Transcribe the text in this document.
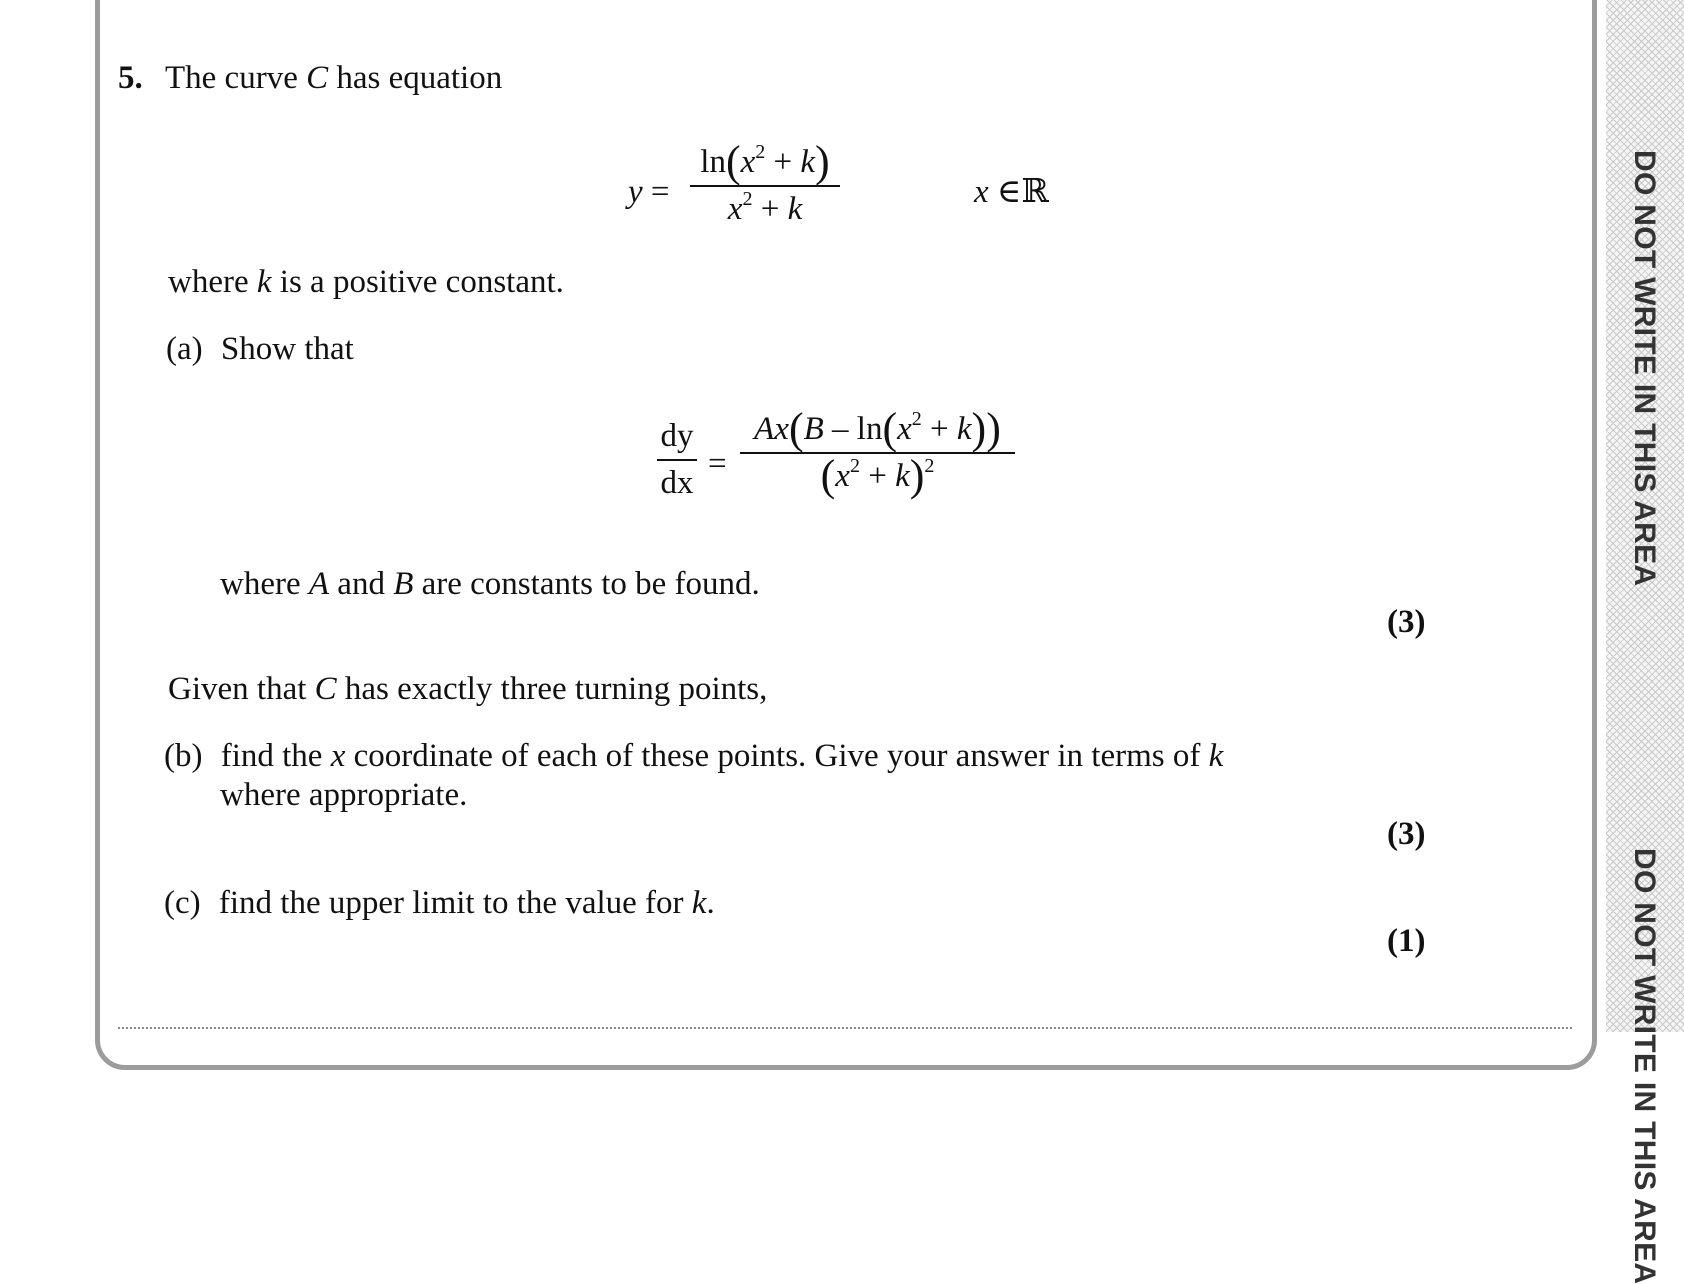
DO NOT WRITE IN THIS AREA
DO NOT WRITE IN THIS AREA
5. The curve C has equation
y =
$\ln(x^2 + k)$
$x^2 + k$	x ∈ℝ
where k is a positive constant.
(a) Show that
dy
dx
=
$Ax(B - \ln(x^2 + k))$
$(x^2 + k)^2$
where A and B are constants to be found.
(3)
Given that C has exactly three turning points,
(b) find the x coordinate of each of these points. Give your answer in terms of k
where appropriate.
(3)
(c) find the upper limit to the value for k.
(1)
